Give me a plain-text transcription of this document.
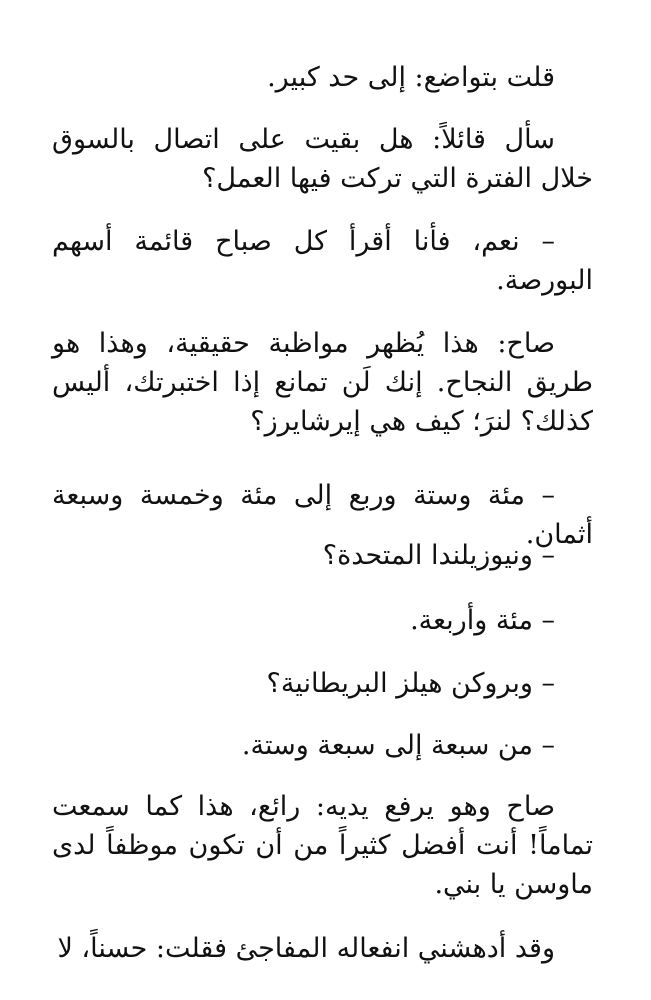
قلت بتواضع: إلى حد كبير.

سأل قائلاً: هل بقيت على اتصال بالسوق خلال الفترة التي تركت فيها العمل؟

– نعم، فأنا أقرأ كل صباح قائمة أسهم البورصة.

صاح: هذا يُظهر مواظبة حقيقية، وهذا هو طريق النجاح. إنك لَن تمانع إذا اختبرتك، أليس كذلك؟ لنرَ؛ كيف هي إيرشايرز؟

– مئة وستة وربع إلى مئة وخمسة وسبعة أثمان.

– ونيوزيلندا المتحدة؟

– مئة وأربعة.

– وبروكن هيلز البريطانية؟

– من سبعة إلى سبعة وستة.

صاح وهو يرفع يديه: رائع، هذا كما سمعت تماماً! أنت أفضل كثيراً من أن تكون موظفاً لدى ماوسن يا بني.

وقد أدهشني انفعاله المفاجئ فقلت: حسناً، لا
